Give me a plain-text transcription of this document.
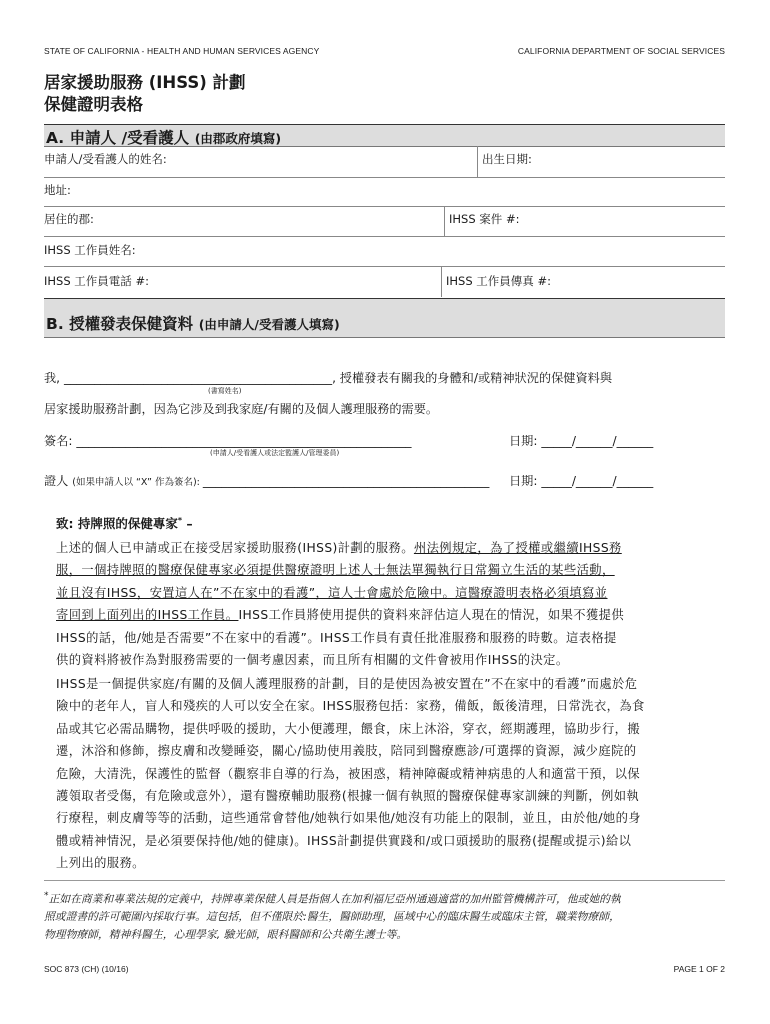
STATE OF CALIFORNIA - HEALTH AND HUMAN SERVICES AGENCY	CALIFORNIA DEPARTMENT OF SOCIAL SERVICES
居家援助服務 (IHSS) 計劃
保健證明表格
A. 申請人 /受看護人 (由郡政府填寫)
申請人/受看護人的姓名:	出生日期:
地址:
居住的郡:	IHSS 案件 #:
IHSS 工作員姓名:
IHSS 工作員電話 #:	IHSS 工作員傳真 #:
B. 授權發表保健資料 (由申請人/受看護人填寫)
我, ____________________________________________, 授權發表有關我的身體和/或精神狀況的保健資料與
(書寫姓名)
居家援助服務計劃，因為它涉及到我家庭/有關的及個人護理服務的需要。
簽名: _______________________________________________________	日期: _____/______/______
(申請人/受看護人或法定監護人/管理委員)
證人 (如果申請人以 “X” 作為簽名): _______________________________________________ 日期: _____/______/______
致: 持牌照的保健專家* –
上述的個人已申請或正在接受居家援助服務(IHSS)計劃的服務。州法例規定，為了授權或繼續IHSS務
服，一個持牌照的醫療保健專家必須提供醫療證明上述人士無法單獨執行日常獨立生活的某些活動，
並且沒有IHSS，安置這人在”不在家中的看護”，這人士會處於危險中。這醫療證明表格必須填寫並
寄回到上面列出的IHSS工作員。IHSS工作員將使用提供的資料來評估這人現在的情況，如果不獲提供
IHSS的話，他/她是否需要”不在家中的看護”。IHSS工作員有責任批准服務和服務的時數。這表格提
供的資料將被作為對服務需要的一個考慮因素，而且所有相關的文件會被用作IHSS的決定。
IHSS是一個提供家庭/有關的及個人護理服務的計劃，目的是使因為被安置在”不在家中的看護”而處於危
險中的老年人，盲人和殘疾的人可以安全在家。IHSS服務包括：家務，備飯，飯後清理，日常洗衣，為食
品或其它必需品購物，提供呼吸的援助，大小便護理，餵食，床上沐浴，穿衣，經期護理，協助步行，搬
遷，沐浴和修飾，擦皮膚和改變睡姿，關心/協助使用義肢，陪同到醫療應診/可選擇的資源，減少庭院的
危險，大清洗，保護性的監督（觀察非自導的行為，被困惑，精神障礙或精神病患的人和適當干預，以保
護領取者受傷，有危險或意外），還有醫療輔助服務(根據一個有執照的醫療保健專家訓練的判斷，例如執
行療程，刺皮膚等等的活動，這些通常會替他/她執行如果他/她沒有功能上的限制，並且，由於他/她的身
體或精神情況，是必須要保持他/她的健康)。IHSS計劃提供實踐和/或口頭援助的服務(提醒或提示)給以
上列出的服務。
*正如在商業和專業法規的定義中，持牌專業保健人員是指個人在加利福尼亞州通過適當的加州監管機構許可，他或她的執
照或證書的許可範圍內採取行事。這包括，但不僅限於:醫生，醫師助理，區域中心的臨床醫生或臨床主管，職業物療師，
物理物療師，精神科醫生，心理學家, 驗光師，眼科醫師和公共衛生護士等。
SOC 873 (CH) (10/16)	PAGE 1 OF 2
